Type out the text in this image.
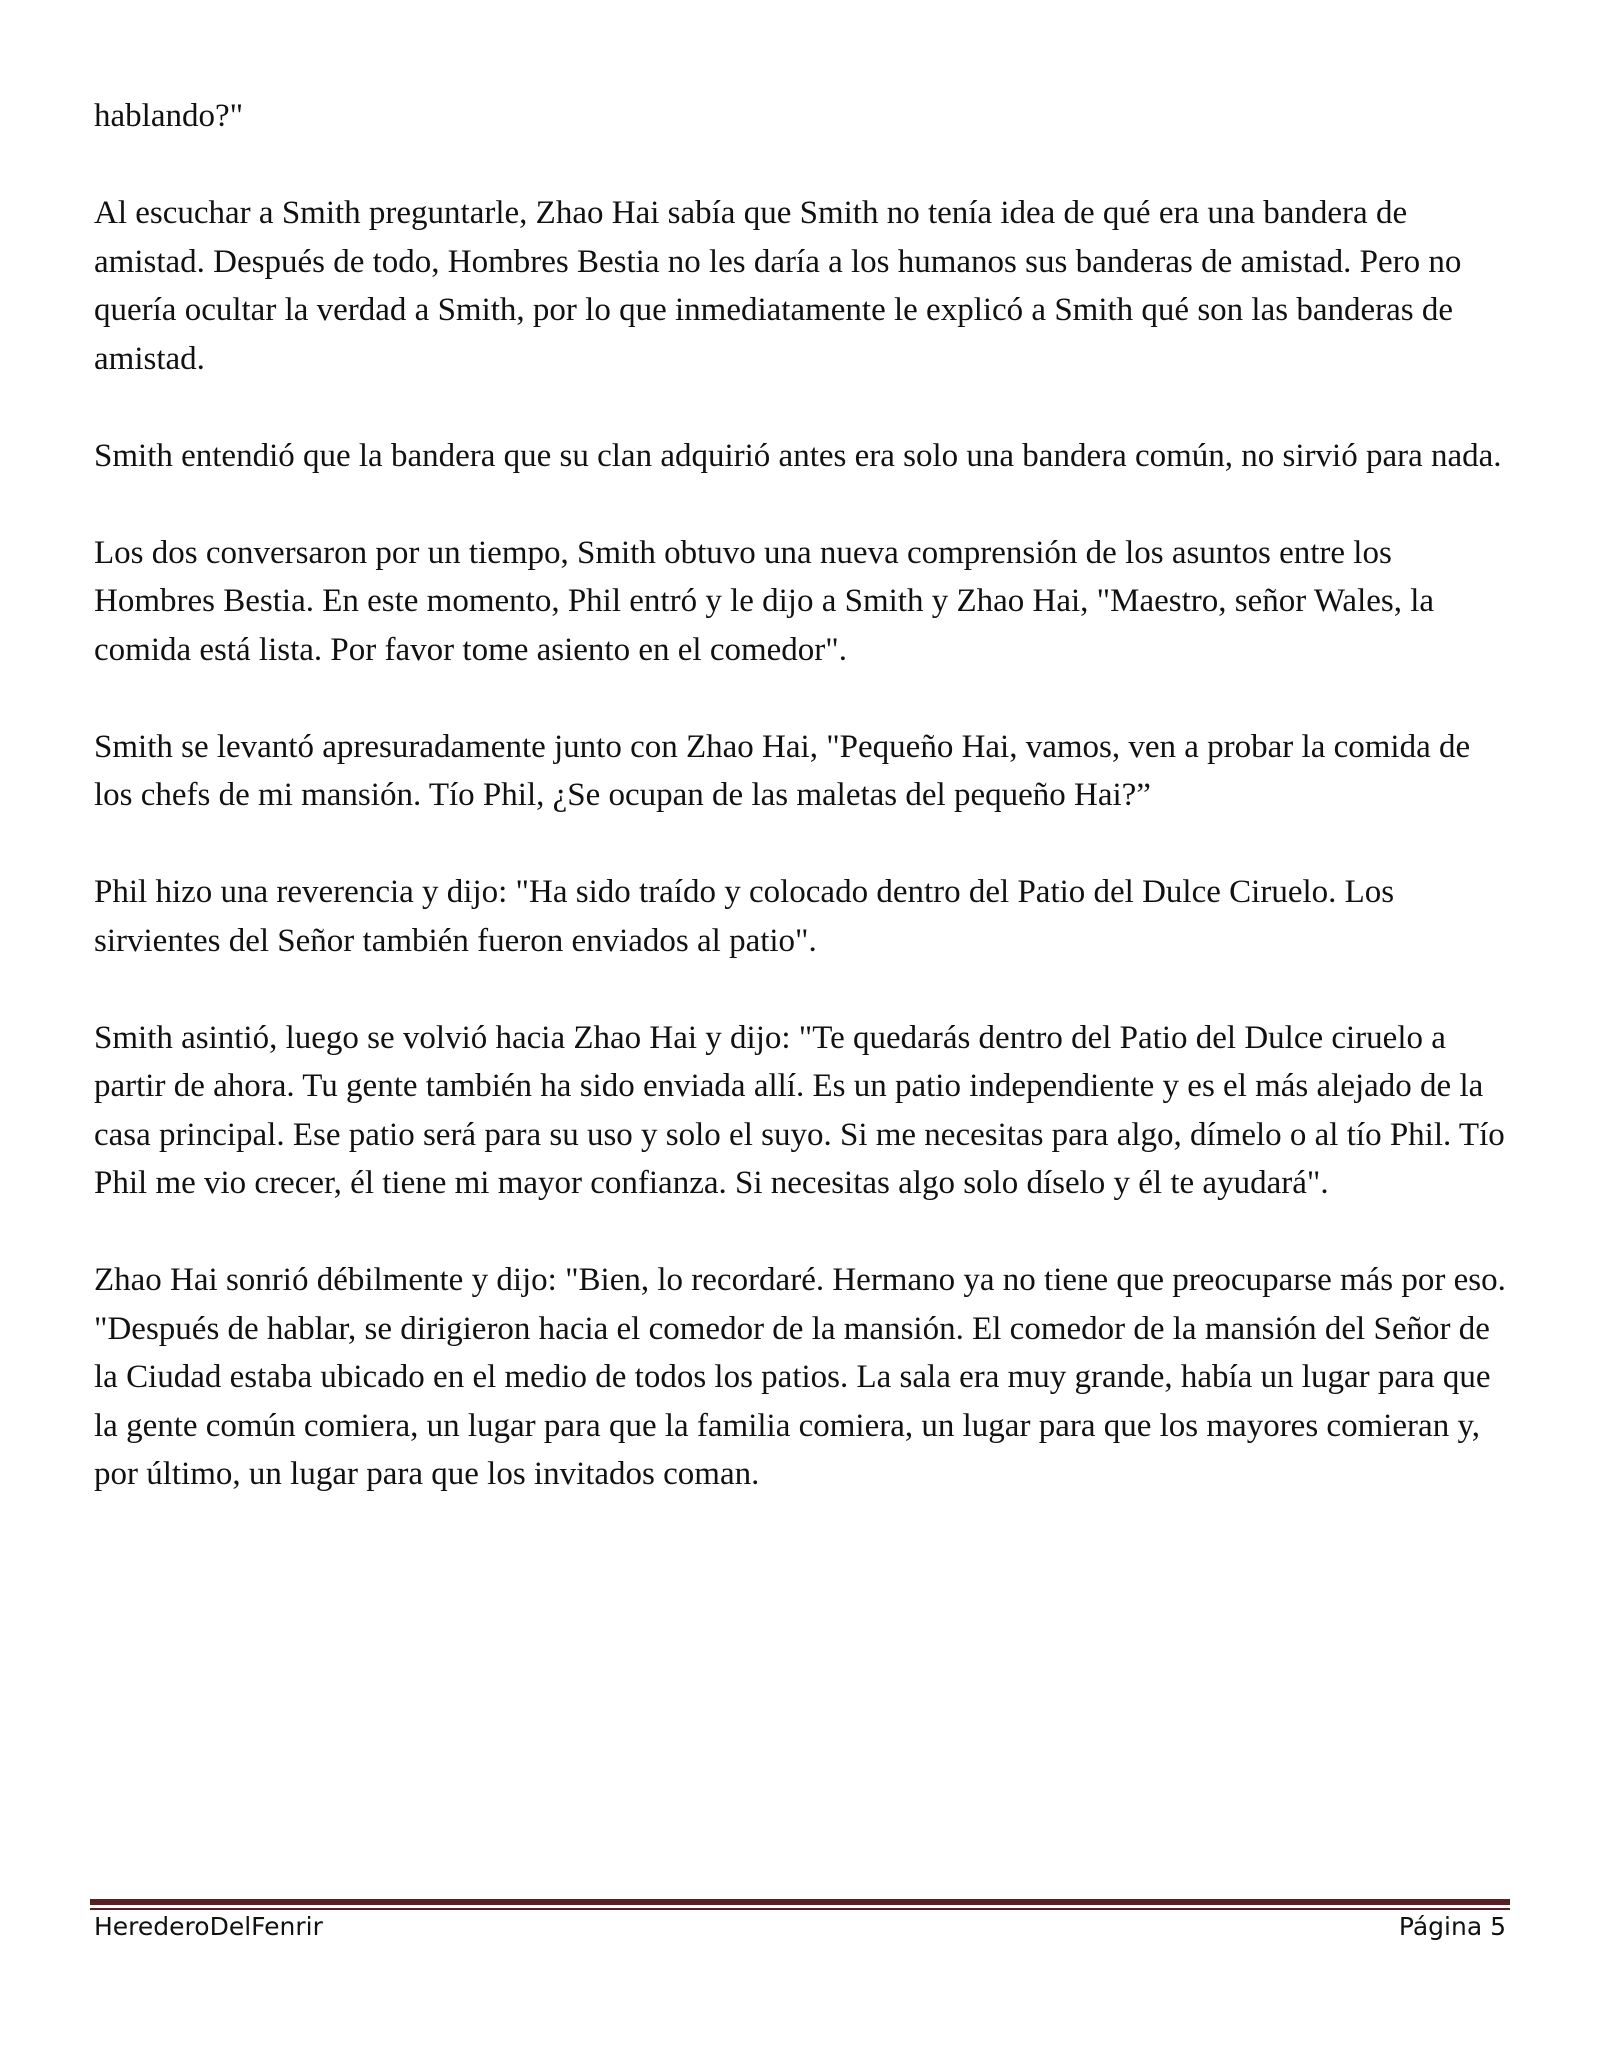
hablando?"

Al escuchar a Smith preguntarle, Zhao Hai sabía que Smith no tenía idea de qué era una bandera de amistad. Después de todo, Hombres Bestia no les daría a los humanos sus banderas de amistad. Pero no quería ocultar la verdad a Smith, por lo que inmediatamente le explicó a Smith qué son las banderas de amistad.

Smith entendió que la bandera que su clan adquirió antes era solo una bandera común, no sirvió para nada.

Los dos conversaron por un tiempo, Smith obtuvo una nueva comprensión de los asuntos entre los Hombres Bestia. En este momento, Phil entró y le dijo a Smith y Zhao Hai, "Maestro, señor Wales, la comida está lista. Por favor tome asiento en el comedor".

Smith se levantó apresuradamente junto con Zhao Hai, "Pequeño Hai, vamos, ven a probar la comida de los chefs de mi mansión. Tío Phil, ¿Se ocupan de las maletas del pequeño Hai?”

Phil hizo una reverencia y dijo: "Ha sido traído y colocado dentro del Patio del Dulce Ciruelo. Los sirvientes del Señor también fueron enviados al patio".

Smith asintió, luego se volvió hacia Zhao Hai y dijo: "Te quedarás dentro del Patio del Dulce ciruelo a partir de ahora. Tu gente también ha sido enviada allí. Es un patio independiente y es el más alejado de la casa principal. Ese patio será para su uso y solo el suyo. Si me necesitas para algo, dímelo o al tío Phil. Tío Phil me vio crecer, él tiene mi mayor confianza. Si necesitas algo solo díselo y él te ayudará".

Zhao Hai sonrió débilmente y dijo: "Bien, lo recordaré. Hermano ya no tiene que preocuparse más por eso. "Después de hablar, se dirigieron hacia el comedor de la mansión. El comedor de la mansión del Señor de la Ciudad estaba ubicado en el medio de todos los patios. La sala era muy grande, había un lugar para que la gente común comiera, un lugar para que la familia comiera, un lugar para que los mayores comieran y, por último, un lugar para que los invitados coman.

HerederoDelFenrir	Página 5
